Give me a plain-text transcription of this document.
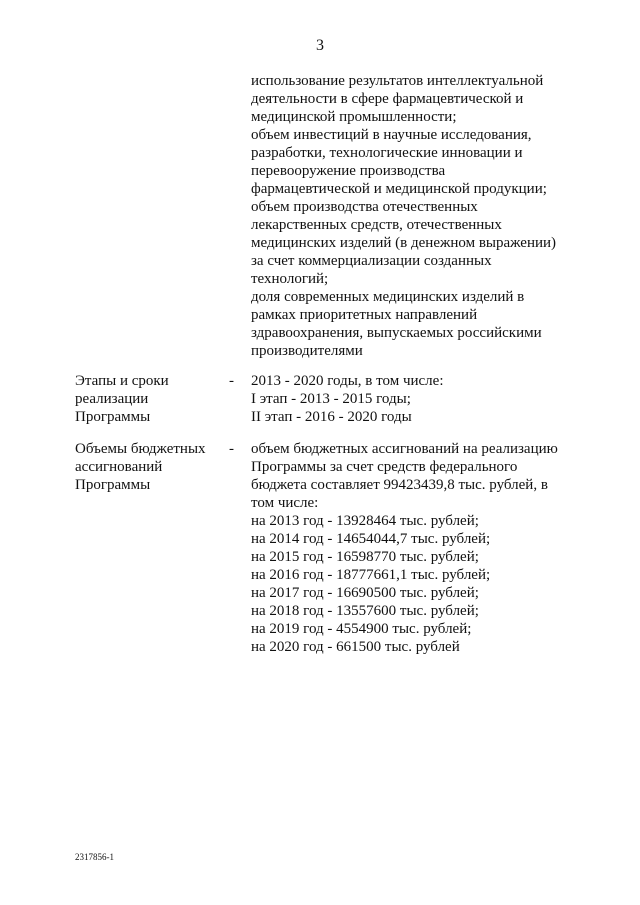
3
использование результатов интеллектуальной
деятельности в сфере фармацевтической и
медицинской промышленности;
объем инвестиций в научные исследования,
разработки, технологические инновации и
перевооружение производства
фармацевтической и медицинской продукции;
объем производства отечественных
лекарственных средств, отечественных
медицинских изделий (в денежном выражении)
за счет коммерциализации созданных
технологий;
доля современных медицинских изделий в
рамках приоритетных направлений
здравоохранения, выпускаемых российскими
производителями
Этапы и сроки
реализации
Программы
- 2013 - 2020 годы, в том числе:
I этап - 2013 - 2015 годы;
II этап - 2016 - 2020 годы
Объемы бюджетных
ассигнований
Программы
- объем бюджетных ассигнований на реализацию
Программы за счет средств федерального
бюджета составляет 99423439,8 тыс. рублей, в
том числе:
на 2013 год - 13928464 тыс. рублей;
на 2014 год - 14654044,7 тыс. рублей;
на 2015 год - 16598770 тыс. рублей;
на 2016 год - 18777661,1 тыс. рублей;
на 2017 год - 16690500 тыс. рублей;
на 2018 год - 13557600 тыс. рублей;
на 2019 год - 4554900 тыс. рублей;
на 2020 год - 661500 тыс. рублей
2317856-1
